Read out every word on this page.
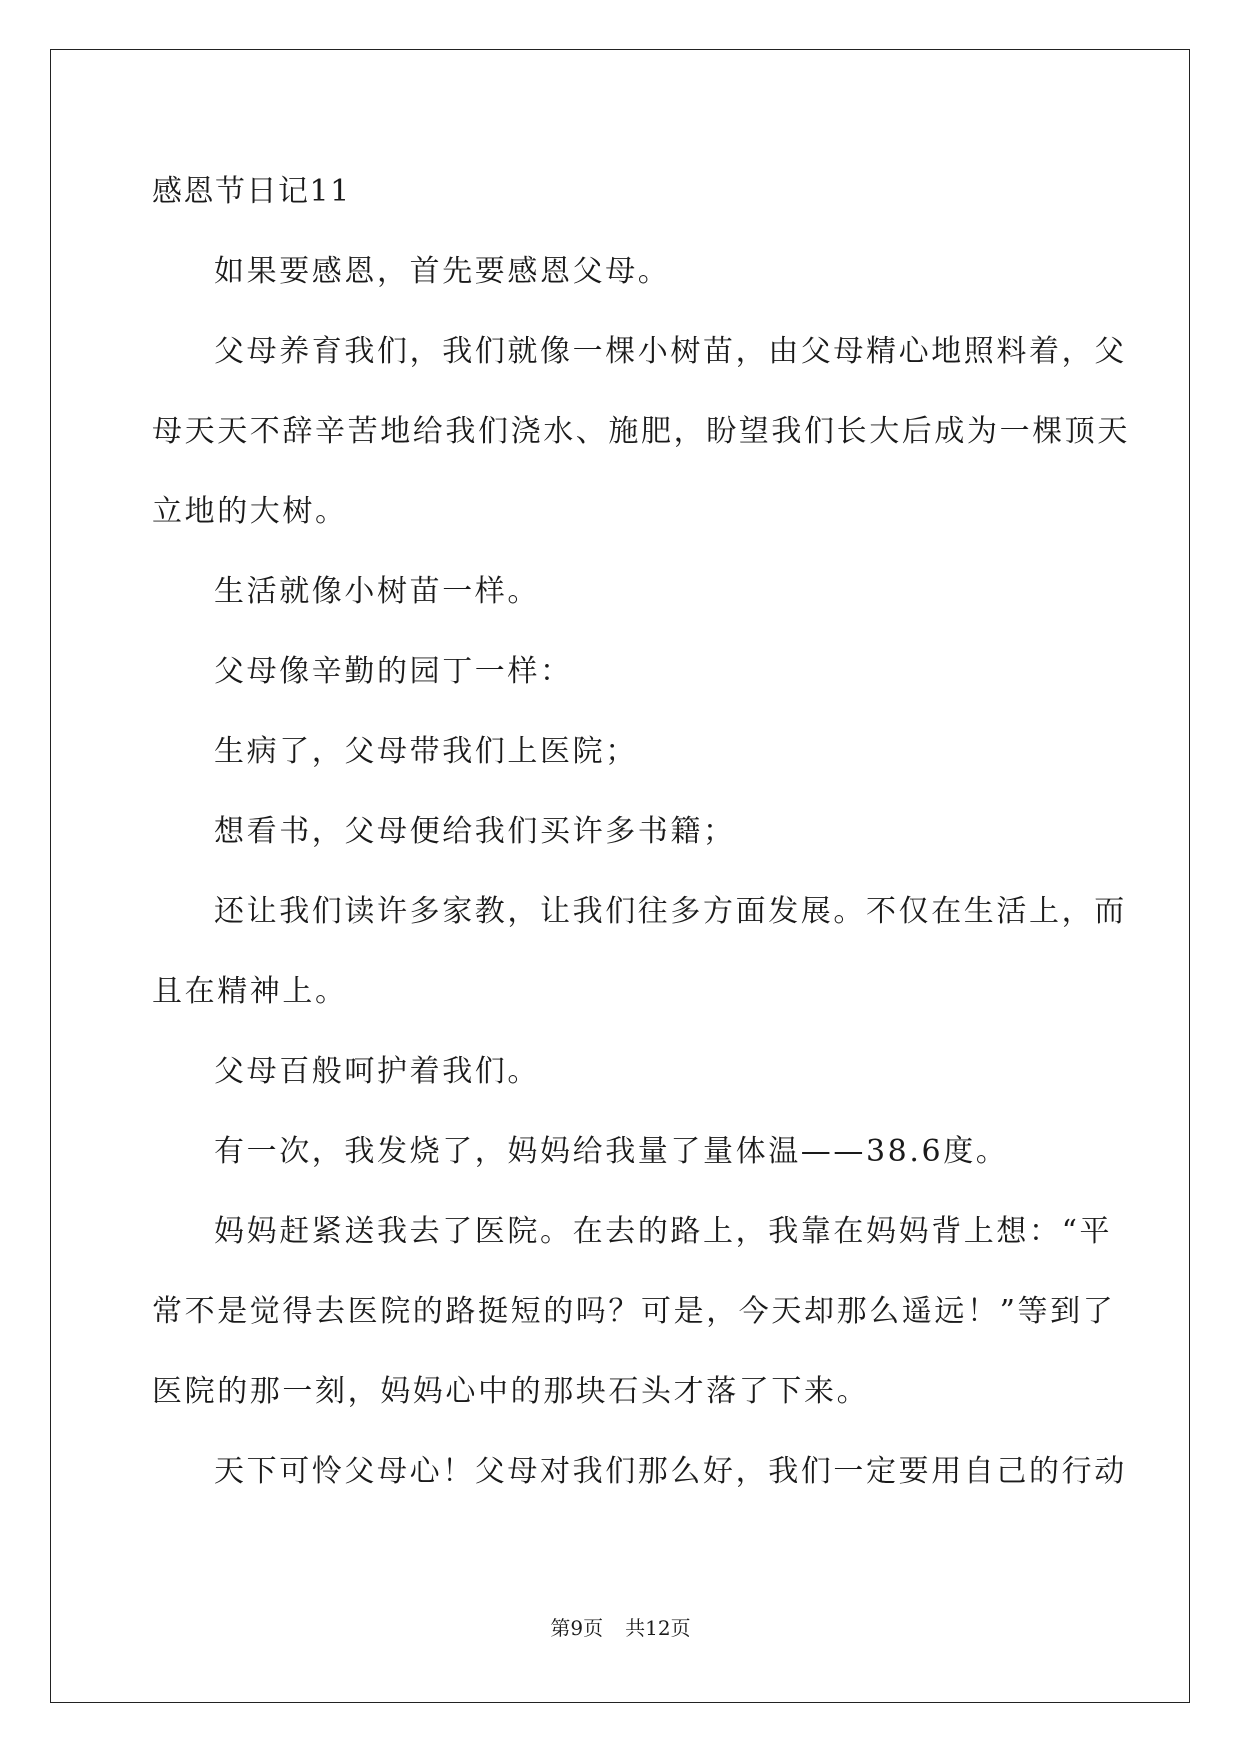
感恩节日记11
如果要感恩，首先要感恩父母。
父母养育我们，我们就像一棵小树苗，由父母精心地照料着，父
母天天不辞辛苦地给我们浇水、施肥，盼望我们长大后成为一棵顶天
立地的大树。
生活就像小树苗一样。
父母像辛勤的园丁一样：
生病了，父母带我们上医院；
想看书，父母便给我们买许多书籍；
还让我们读许多家教，让我们往多方面发展。不仅在生活上，而
且在精神上。
父母百般呵护着我们。
有一次，我发烧了，妈妈给我量了量体温——38.6度。
妈妈赶紧送我去了医院。在去的路上，我靠在妈妈背上想：“平
常不是觉得去医院的路挺短的吗？可是，今天却那么遥远！”等到了
医院的那一刻，妈妈心中的那块石头才落了下来。
天下可怜父母心！父母对我们那么好，我们一定要用自己的行动
第9页 共12页
